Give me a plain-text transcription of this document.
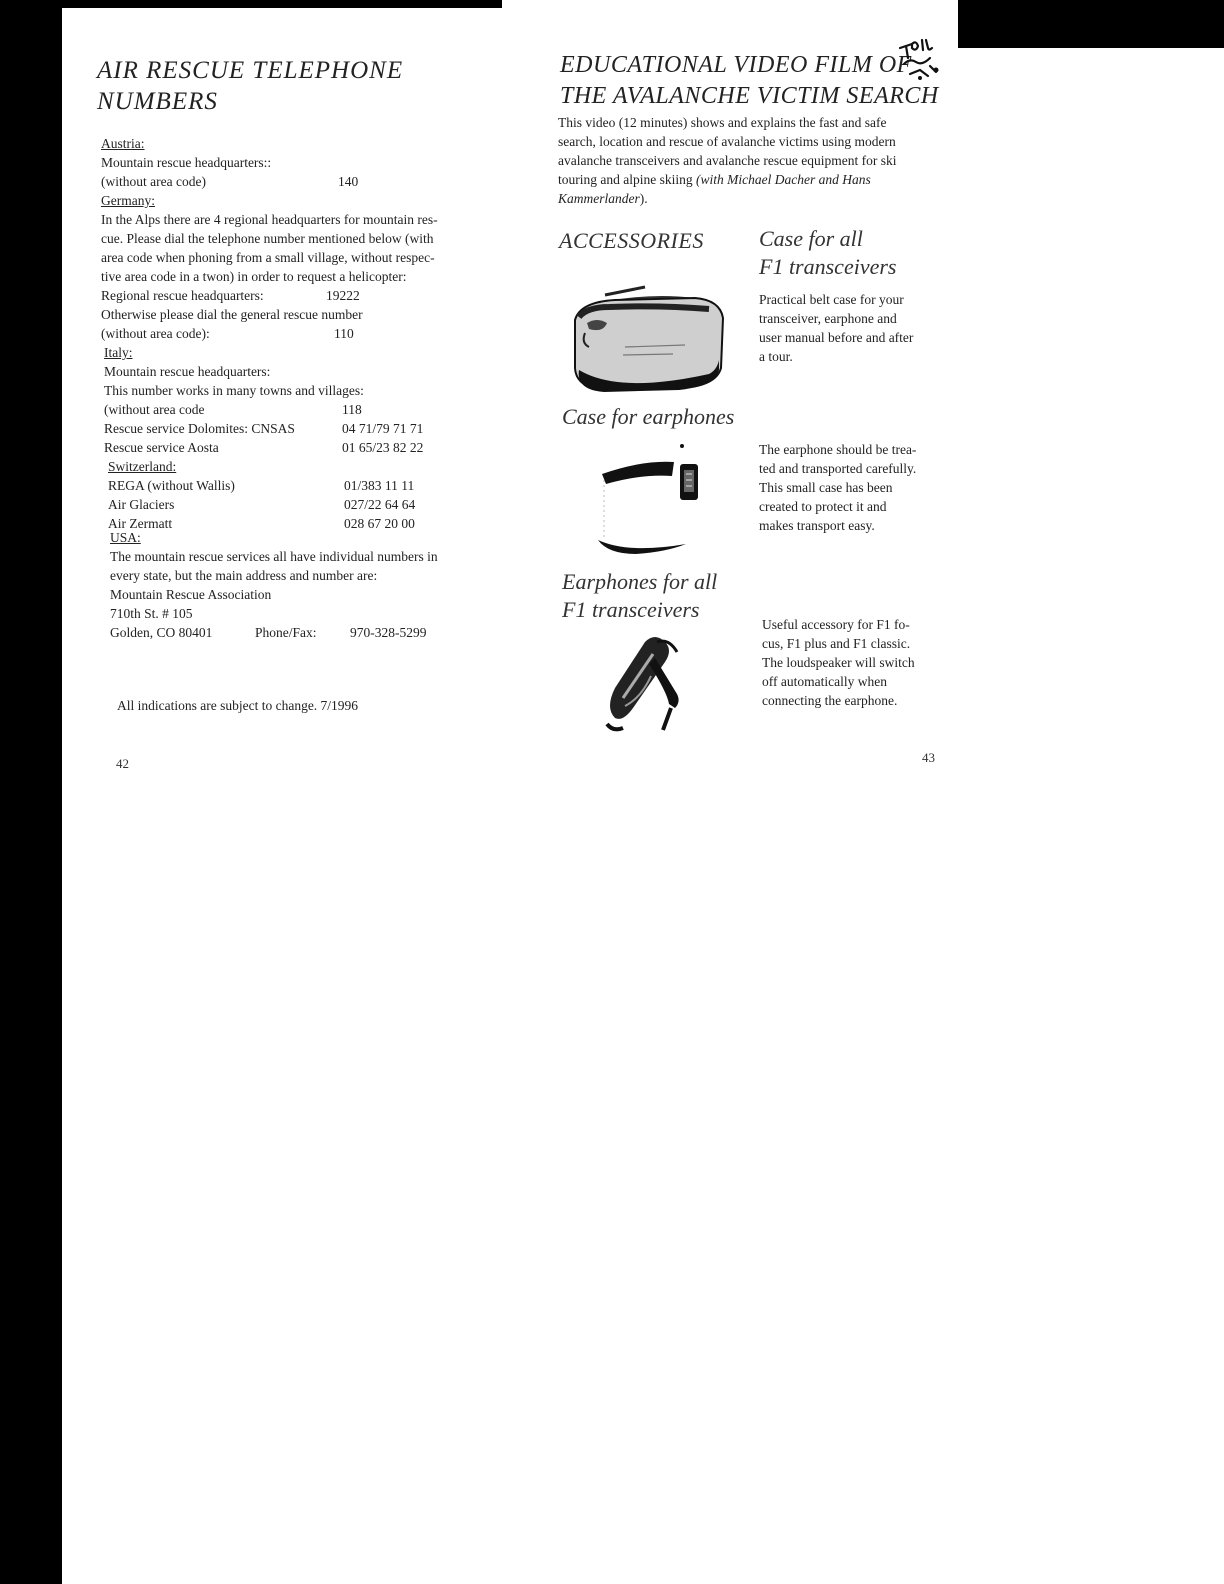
AIR RESCUE TELEPHONE
NUMBERS
Austria:
Mountain rescue headquarters::
(without area code)	140
Germany:
In the Alps there are 4 regional headquarters for mountain res-
cue. Please dial the telephone number mentioned below (with
area code when phoning from a small village, without respec-
tive area code in a twon) in order to request a helicopter:
Regional rescue headquarters:	19222
Otherwise please dial the general rescue number
(without area code):	110
Italy:
Mountain rescue headquarters:
This number works in many towns and villages:
(without area code	118
Rescue service Dolomites: CNSAS	04 71/79 71 71
Rescue service Aosta	01 65/23 82 22
Switzerland:
REGA (without Wallis)	01/383 11 11
Air Glaciers	027/22 64 64
Air Zermatt	028 67 20 00
USA:
The mountain rescue services all have individual numbers in
every state, but the main address and number are:
Mountain Rescue Association
710th St. # 105
Golden, CO 80401	Phone/Fax:	970-328-5299
All indications are subject to change. 7/1996
42
EDUCATIONAL VIDEO FILM OF
THE AVALANCHE VICTIM SEARCH
This video (12 minutes) shows and explains the fast and safe
search, location and rescue of avalanche victims using modern
avalanche transceivers and avalanche rescue equipment for ski
touring and alpine skiing (with Michael Dacher and Hans
Kammerlander).
ACCESSORIES	Case for all
F1 transceivers
Practical belt case for your
transceiver, earphone and
user manual before and after
a tour.
Case for earphones
The earphone should be trea-
ted and transported carefully.
This small case has been
created to protect it and
makes transport easy.
Earphones for all
F1 transceivers
Useful accessory for F1 fo-
cus, F1 plus and F1 classic.
The loudspeaker will switch
off automatically when
connecting the earphone.
43
